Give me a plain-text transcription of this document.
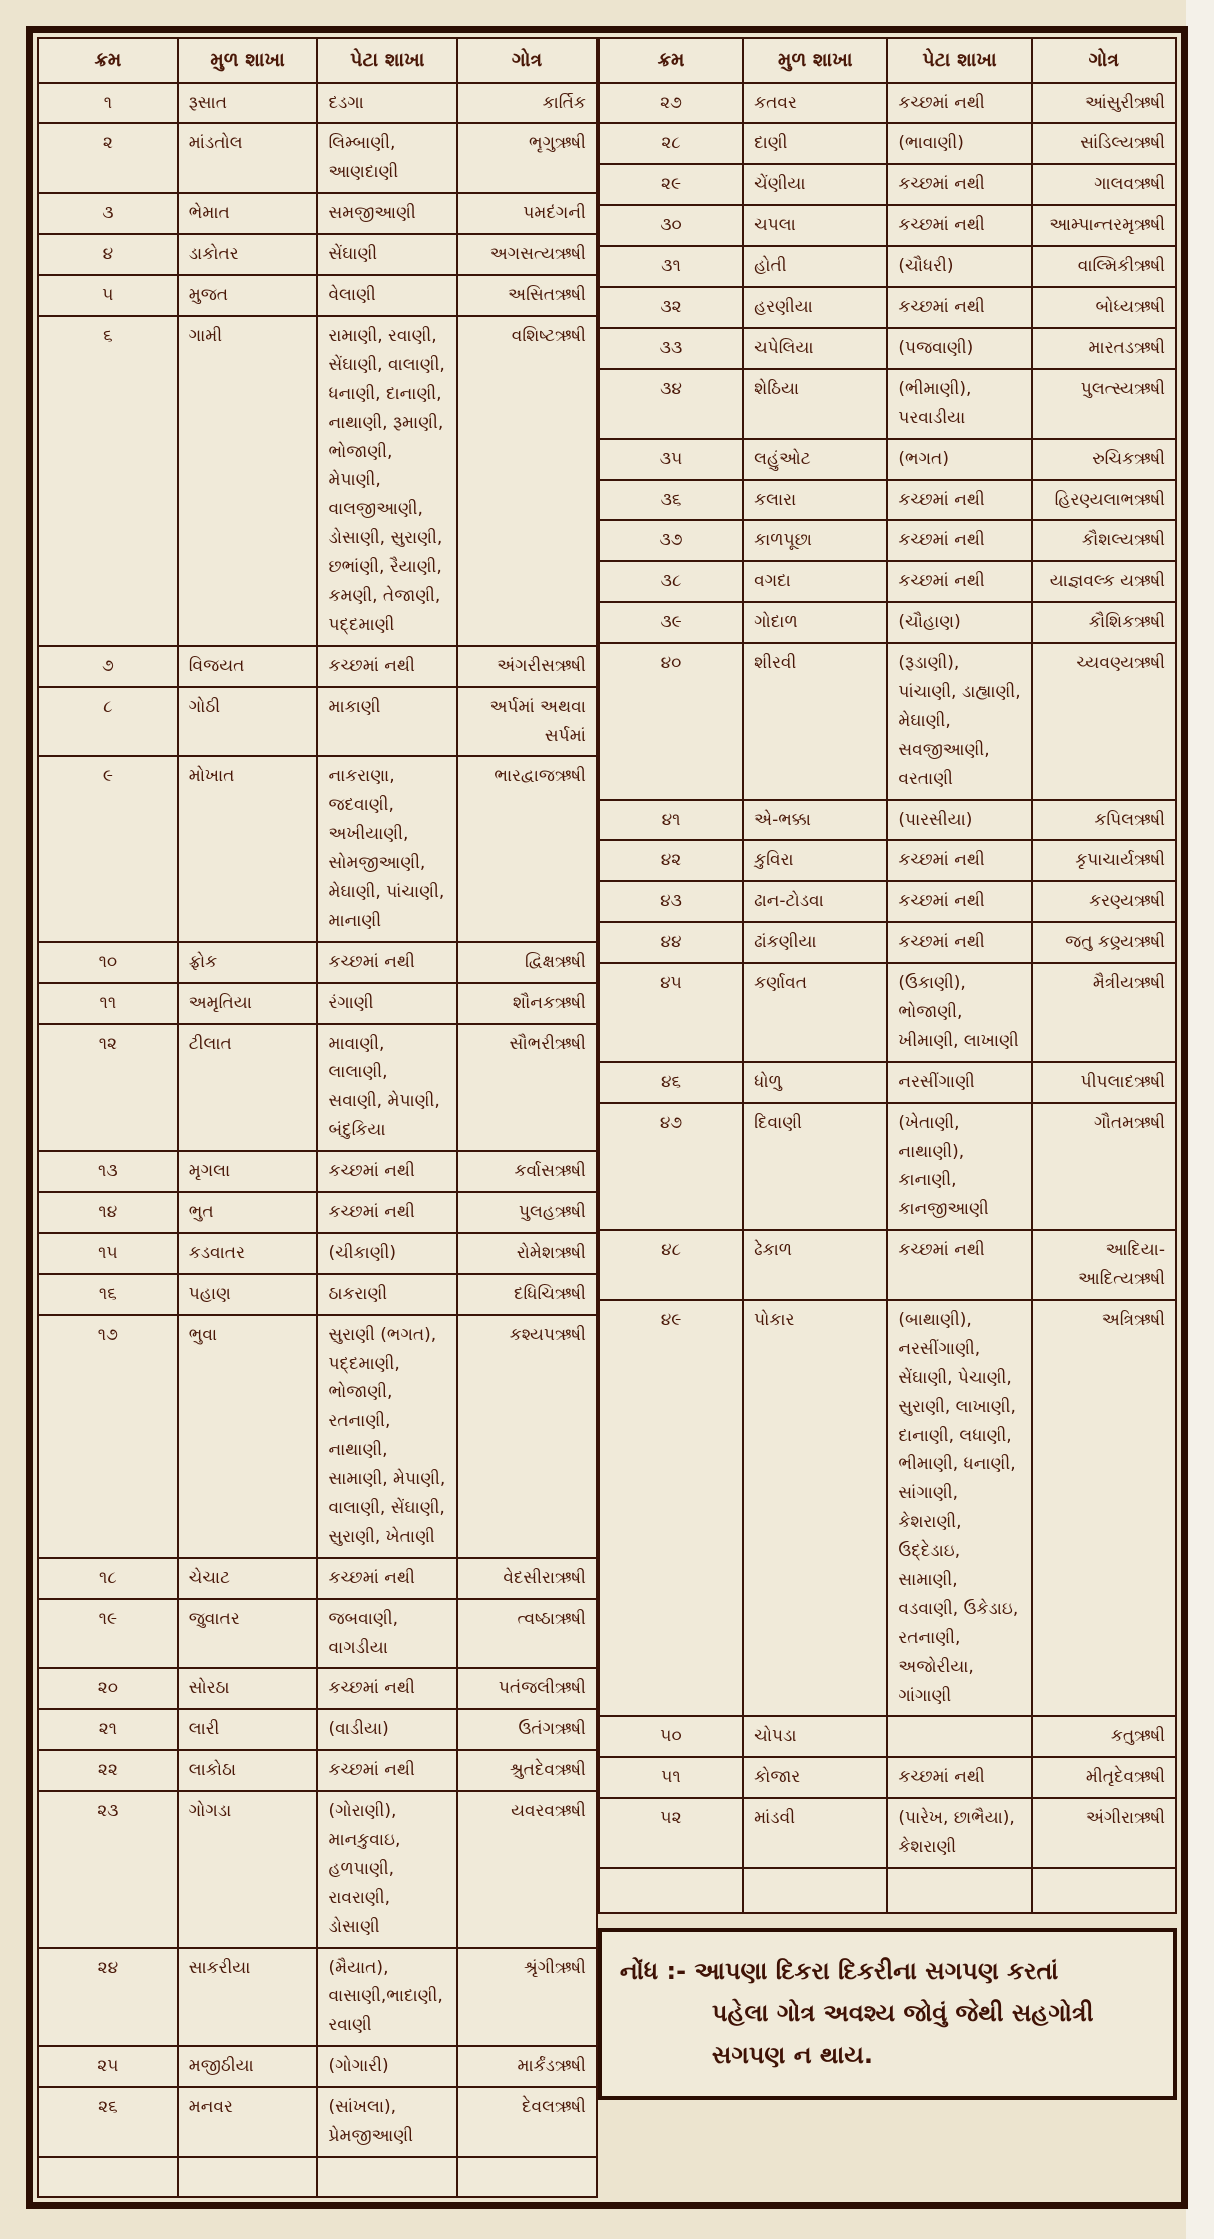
ક્રમ	મુળ શાખા	પેટા શાખા	ગોત્ર
૧	રૂસાત	દડગા	કાર્તિક
૨	માંડતોલ	લિમ્બાણી, આણદાણી	ભૃગુઋષી
૩	ભેમાત	સમજીઆણી	પમદંગની
૪	ડાકોતર	સેંઘાણી	અગસત્યઋષી
૫	મુજત	વેલાણી	અસિતઋષી
૬	ગામી	રામાણી, રવાણી, સેંઘાણી, વાલાણી, ધનાણી, દાનાણી, નાથાણી, રૂમાણી, ભોજાણી, મેપાણી, વાલજીઆણી, ડોસાણી, સુરાણી, છભાંણી, રૈયાણી, કમણી, તેજાણી, પદ્દમાણી	વશિષ્ટઋષી
૭	વિજયત	કચ્છમાં નથી	અંગરીસઋષી
૮	ગોઠી	માકાણી	અર્પમાં અથવા સર્પમાં
૯	મોખાત	નાકરાણા, જદવાણી, અખીયાણી, સોમજીઆણી, મેઘાણી, પાંચાણી, માનાણી	ભારદ્વાજઋષી
૧૦	ફ્રોક	કચ્છમાં નથી	દ્વિક્ષઋષી
૧૧	અમૃતિયા	રંગાણી	શૌનકઋષી
૧૨	ટીલાત	માવાણી, લાલાણી, સવાણી, મેપાણી, બંદુકિયા	સૌભરીઋષી
૧૩	મૃગલા	કચ્છમાં નથી	કર્વાસઋષી
૧૪	ભુત	કચ્છમાં નથી	પુલહઋષી
૧૫	કડવાતર	(ચીકાણી)	રોમેશઋષી
૧૬	પહાણ	ઠાકરાણી	દધિચિઋષી
૧૭	ભુવા	સુરાણી (ભગત), પદ્દમાણી, ભોજાણી, રતનાણી, નાથાણી, સામાણી, મેપાણી, વાલાણી, સેંઘાણી, સુરાણી, ખેતાણી	કશ્યપઋષી
૧૮	ચેચાટ	કચ્છમાં નથી	વેદસીરાઋષી
૧૯	જુવાતર	જબવાણી, વાગડીયા	ત્વષ્ઠાઋષી
૨૦	સોરઠા	કચ્છમાં નથી	પતંજલીઋષી
૨૧	લારી	(વાડીયા)	ઉતંગઋષી
૨૨	લાકોઠા	કચ્છમાં નથી	શ્રુતદેવઋષી
૨૩	ગોગડા	(ગોરાણી), માનકુવાઇ, હળપાણી, રાવરાણી, ડોસાણી	યવરવઋષી
૨૪	સાકરીયા	(મૈયાત), વાસાણી,ભાદાણી, રવાણી	શ્રૃંગીઋષી
૨૫	મજીઠીયા	(ગોગારી)	માર્કંડઋષી
૨૬	મનવર	(સાંખલા), પ્રેમજીઆણી	દેવલઋષી

ક્રમ	મુળ શાખા	પેટા શાખા	ગોત્ર
૨૭	કતવર	કચ્છમાં નથી	આંસુરીઋષી
૨૮	દાણી	(ભાવાણી)	સાંડિલ્યઋષી
૨૯	ચેંણીયા	કચ્છમાં નથી	ગાલવઋષી
૩૦	ચપલા	કચ્છમાં નથી	આમ્પાન્તરમૃઋષી
૩૧	હોતી	(ચૌધરી)	વાલ્મિકીઋષી
૩૨	હરણીયા	કચ્છમાં નથી	બોધ્યઋષી
૩૩	ચપેલિયા	(પજવાણી)	મારતડઋષી
૩૪	શેઠિયા	(ભીમાણી), પરવાડીયા	પુલત્સ્યઋષી
૩૫	લહુંઓટ	(ભગત)	રુચિકઋષી
૩૬	કલારા	કચ્છમાં નથી	હિરણ્યલાભઋષી
૩૭	કાળપૂછા	કચ્છમાં નથી	કૌશલ્યઋષી
૩૮	વગદા	કચ્છમાં નથી	યાજ્ઞવલ્ક યઋષી
૩૯	ગોદાળ	(ચૌહાણ)	કૌશિકઋષી
૪૦	શીરવી	(રૂડાણી), પાંચાણી, ડાહ્યાણી, મેઘાણી, સવજીઆણી, વરતાણી	ચ્યવણ્યઋષી
૪૧	એ-ભક્કા	(પારસીયા)	કપિલઋષી
૪૨	કુવિરા	કચ્છમાં નથી	કૃપાચાર્યઋષી
૪૩	ઢાન-ટોડવા	કચ્છમાં નથી	કરણ્યઋષી
૪૪	ઢાંકણીયા	કચ્છમાં નથી	જતુ કણ્ર્યઋષી
૪૫	કર્ણાવત	(ઉકાણી), ભોજાણી, ખીમાણી, લાખાણી	મૈત્રીયઋષી
૪૬	ધોળુ	નરસીંગાણી	પીપલાદઋષી
૪૭	દિવાણી	(ખેતાણી, નાથાણી), કાનાણી, કાનજીઆણી	ગૌતમઋષી
૪૮	ઢેકાળ	કચ્છમાં નથી	આદિયા-આદિત્યઋષી
૪૯	પોકાર	(બાથાણી), નરસીંગાણી, સેંઘાણી, પેચાણી, સુરાણી, લાખાણી, દાનાણી, લધાણી, ભીમાણી, ધનાણી, સાંગાણી, કેશરાણી, ઉદ્દેડાઇ, સામાણી, વડવાણી, ઉકેડાઇ, રતનાણી, અજોરીયા, ગાંગાણી	અત્રિઋષી
૫૦	ચોપડા		કતુઋષી
૫૧	કોજાર	કચ્છમાં નથી	મીતૃદેવઋષી
૫૨	માંડવી	(પારેખ, છાભૈયા), કેશરાણી	અંગીરાઋષી

નોંધ :- આપણા દિકરા દિકરીના સગપણ કરતાં
પહેલા ગોત્ર અવશ્ય જોવું જેથી સહગોત્રી
સગપણ ન થાય.
